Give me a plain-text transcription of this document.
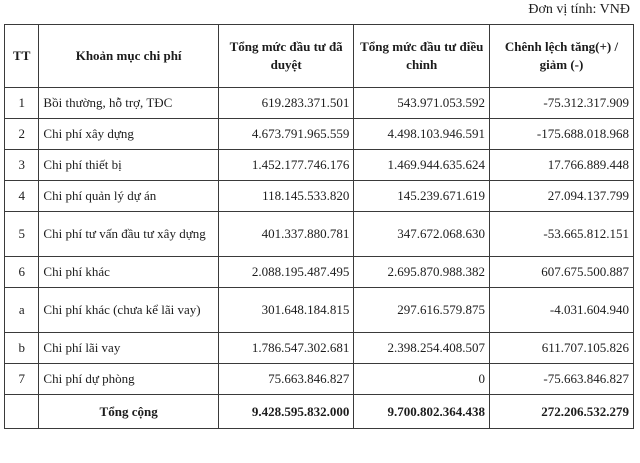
Đơn vị tính: VNĐ
TT	Khoản mục chi phí	Tổng mức đầu tư đã duyệt	Tổng mức đầu tư điều chỉnh	Chênh lệch tăng(+) / giảm (-)
1	Bồi thường, hỗ trợ, TĐC	619.283.371.501	543.971.053.592	-75.312.317.909
2	Chi phí xây dựng	4.673.791.965.559	4.498.103.946.591	-175.688.018.968
3	Chi phí thiết bị	1.452.177.746.176	1.469.944.635.624	17.766.889.448
4	Chi phí quản lý dự án	118.145.533.820	145.239.671.619	27.094.137.799
5	Chi phí tư vấn đầu tư xây dựng	401.337.880.781	347.672.068.630	-53.665.812.151
6	Chi phí khác	2.088.195.487.495	2.695.870.988.382	607.675.500.887
a	Chi phí khác (chưa kể lãi vay)	301.648.184.815	297.616.579.875	-4.031.604.940
b	Chi phí lãi vay	1.786.547.302.681	2.398.254.408.507	611.707.105.826
7	Chi phí dự phòng	75.663.846.827	0	-75.663.846.827
	Tổng cộng	9.428.595.832.000	9.700.802.364.438	272.206.532.279
